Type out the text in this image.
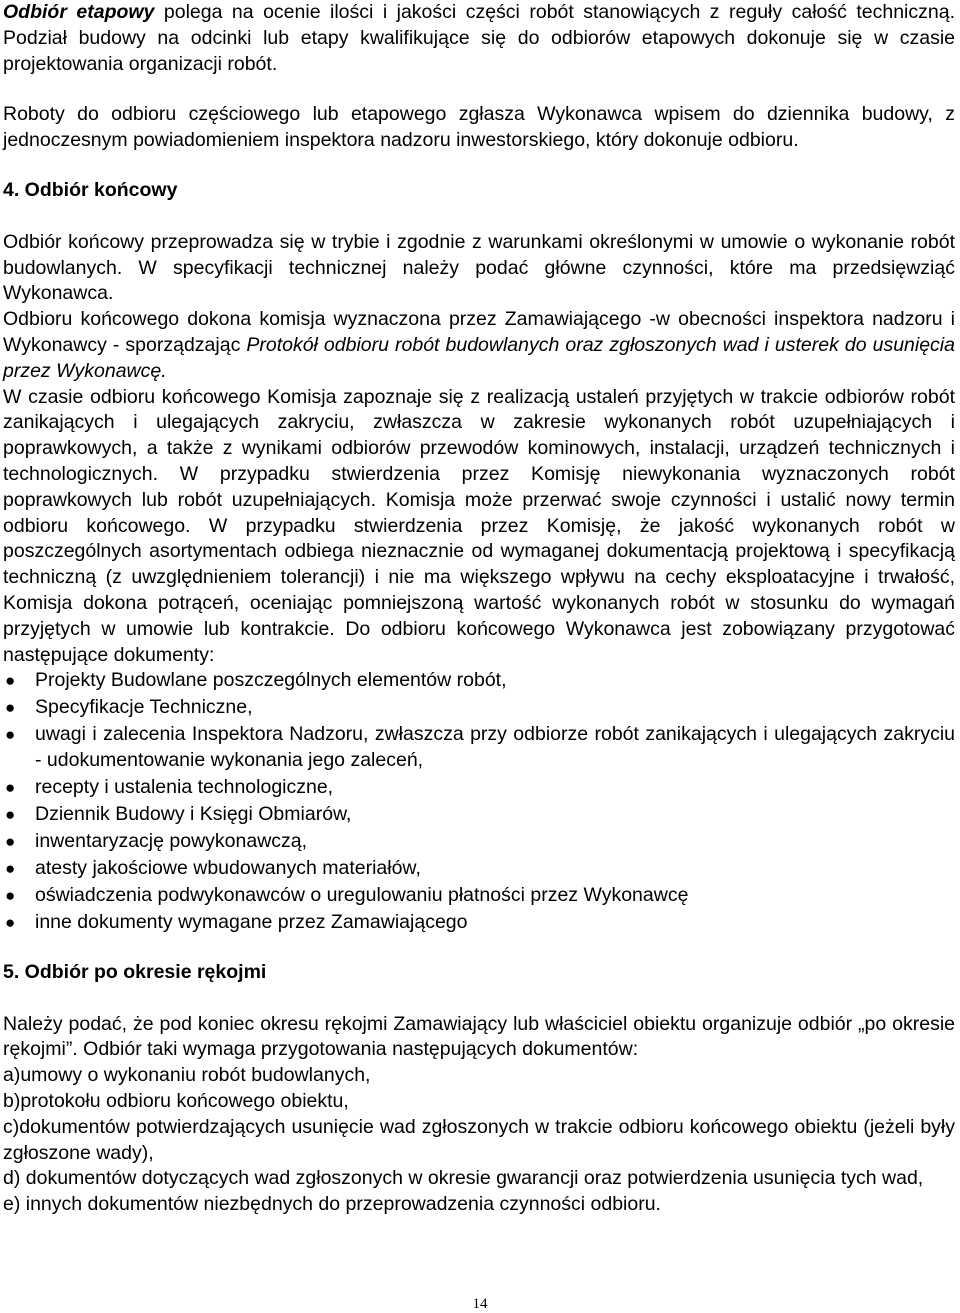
Odbiór etapowy polega na ocenie ilości i jakości części robót stanowiących z reguły całość techniczną. Podział budowy na odcinki lub etapy kwalifikujące się do odbiorów etapowych dokonuje się w czasie projektowania organizacji robót.

Roboty do odbioru częściowego lub etapowego zgłasza Wykonawca wpisem do dziennika budowy, z jednoczesnym powiadomieniem inspektora nadzoru inwestorskiego, który dokonuje odbioru.

4. Odbiór końcowy

Odbiór końcowy przeprowadza się w trybie i zgodnie z warunkami określonymi w umowie o wykonanie robót budowlanych. W specyfikacji technicznej należy podać główne czynności, które ma przedsięwziąć Wykonawca.

Odbioru końcowego dokona komisja wyznaczona przez Zamawiającego -w obecności inspektora nadzoru i Wykonawcy - sporządzając Protokół odbioru robót budowlanych oraz zgłoszonych wad i usterek do usunięcia przez Wykonawcę.

W czasie odbioru końcowego Komisja zapoznaje się z realizacją ustaleń przyjętych w trakcie odbiorów robót zanikających i ulegających zakryciu, zwłaszcza w zakresie wykonanych robót uzupełniających i poprawkowych, a także z wynikami odbiorów przewodów kominowych, instalacji, urządzeń technicznych i technologicznych. W przypadku stwierdzenia przez Komisję niewykonania wyznaczonych robót poprawkowych lub robót uzupełniających. Komisja może przerwać swoje czynności i ustalić nowy termin odbioru końcowego. W przypadku stwierdzenia przez Komisję, że jakość wykonanych robót w poszczególnych asortymentach odbiega nieznacznie od wymaganej dokumentacją projektową i specyfikacją techniczną (z uwzględnieniem tolerancji) i nie ma większego wpływu na cechy eksploatacyjne i trwałość, Komisja dokona potrąceń, oceniając pomniejszoną wartość wykonanych robót w stosunku do wymagań przyjętych w umowie lub kontrakcie. Do odbioru końcowego Wykonawca jest zobowiązany przygotować następujące dokumenty:

● Projekty Budowlane poszczególnych elementów robót,
● Specyfikacje Techniczne,
● uwagi i zalecenia Inspektora Nadzoru, zwłaszcza przy odbiorze robót zanikających i ulegających zakryciu - udokumentowanie wykonania jego zaleceń,
● recepty i ustalenia technologiczne,
● Dziennik Budowy i Księgi Obmiarów,
● inwentaryzację powykonawczą,
● atesty jakościowe wbudowanych materiałów,
● oświadczenia podwykonawców o uregulowaniu płatności przez Wykonawcę
● inne dokumenty wymagane przez Zamawiającego

5. Odbiór po okresie rękojmi

Należy podać, że pod koniec okresu rękojmi Zamawiający lub właściciel obiektu organizuje odbiór „po okresie rękojmi”. Odbiór taki wymaga przygotowania następujących dokumentów:

a)umowy o wykonaniu robót budowlanych,

b)protokołu odbioru końcowego obiektu,

c)dokumentów potwierdzających usunięcie wad zgłoszonych w trakcie odbioru końcowego obiektu (jeżeli były zgłoszone wady),

d) dokumentów dotyczących wad zgłoszonych w okresie gwarancji oraz potwierdzenia usunięcia tych wad,

e) innych dokumentów niezbędnych do przeprowadzenia czynności odbioru.

14
